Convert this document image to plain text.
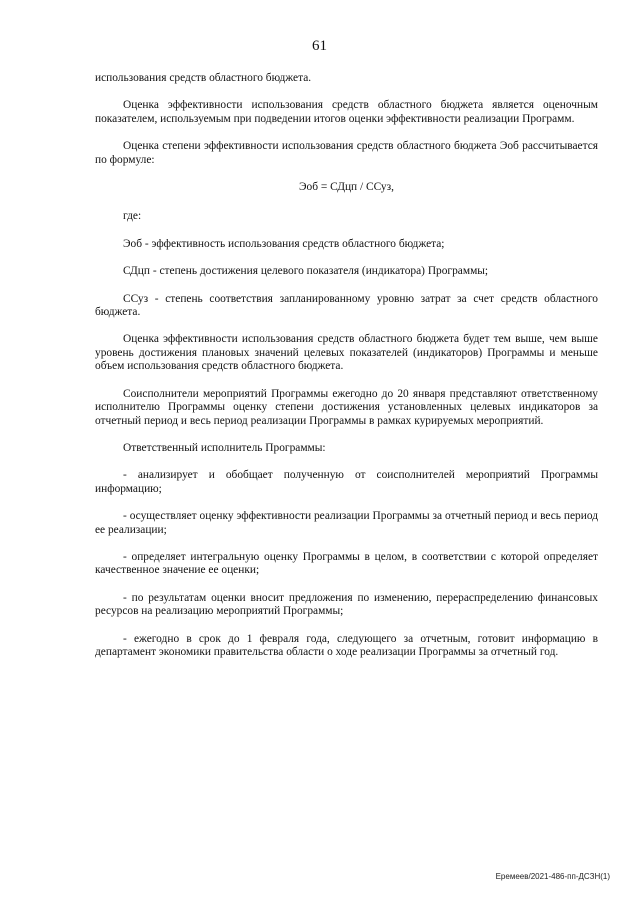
61

использования средств областного бюджета.

Оценка эффективности использования средств областного бюджета является оценочным показателем, используемым при подведении итогов оценки эффективности реализации Программ.

Оценка степени эффективности использования средств областного бюджета Эоб рассчитывается по формуле:

Эоб = СДцп / ССуз,

где:

Эоб - эффективность использования средств областного бюджета;

СДцп - степень достижения целевого показателя (индикатора) Программы;

ССуз - степень соответствия запланированному уровню затрат за счет средств областного бюджета.

Оценка эффективности использования средств областного бюджета будет тем выше, чем выше уровень достижения плановых значений целевых показателей (индикаторов) Программы и меньше объем использования средств областного бюджета.

Соисполнители мероприятий Программы ежегодно до 20 января представляют ответственному исполнителю Программы оценку степени достижения установленных целевых индикаторов за отчетный период и весь период реализации Программы в рамках курируемых мероприятий.

Ответственный исполнитель Программы:

- анализирует и обобщает полученную от соисполнителей мероприятий Программы информацию;

- осуществляет оценку эффективности реализации Программы за отчетный период и весь период ее реализации;

- определяет интегральную оценку Программы в целом, в соответствии с которой определяет качественное значение ее оценки;

- по результатам оценки вносит предложения по изменению, перераспределению финансовых ресурсов на реализацию мероприятий Программы;

- ежегодно в срок до 1 февраля года, следующего за отчетным, готовит информацию в департамент экономики правительства области о ходе реализации Программы за отчетный год.

Еремеев/2021-486-пп-ДСЗН(1)
